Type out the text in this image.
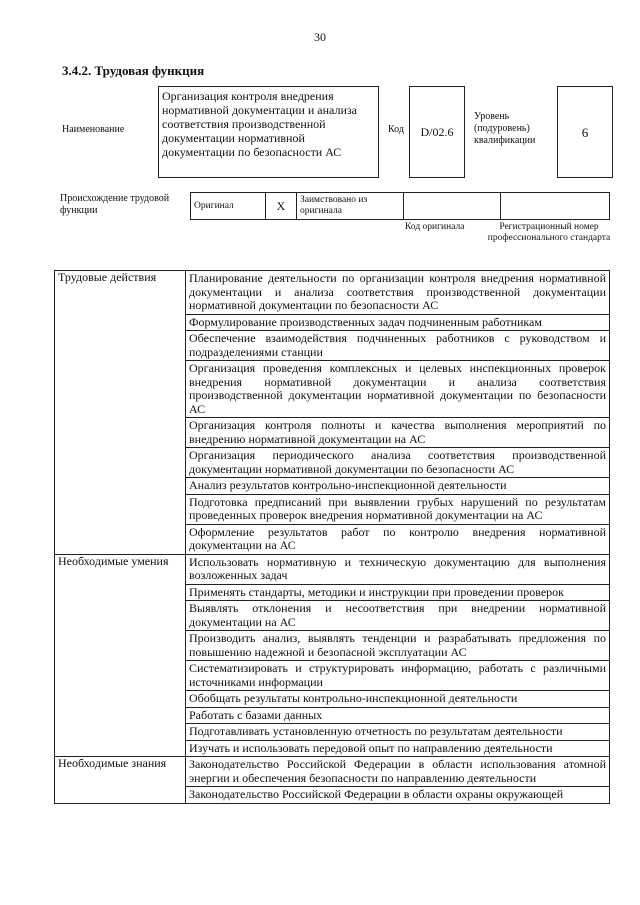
30
3.4.2. Трудовая функция
Наименование
Организация контроля внедрения нормативной документации и анализа соответствия производственной документации нормативной документации по безопасности АС
Код	D/02.6
Уровень (подуровень) квалификации
6
Происхождение трудовой функции	Оригинал	X	Заимствовано из оригинала		
Код оригинала	Регистрационный номер профессионального стандарта
Трудовые действия	Планирование деятельности по организации контроля внедрения нормативной документации и анализа соответствия производственной документации нормативной документации по безопасности АС
	Формулирование производственных задач подчиненным работникам
	Обеспечение взаимодействия подчиненных работников с руководством и подразделениями станции
	Организация проведения комплексных и целевых инспекционных проверок внедрения нормативной документации и анализа соответствия производственной документации нормативной документации по безопасности АС
	Организация контроля полноты и качества выполнения мероприятий по внедрению нормативной документации на АС
	Организация периодического анализа соответствия производственной документации нормативной документации по безопасности АС
	Анализ результатов контрольно-инспекционной деятельности
	Подготовка предписаний при выявлении грубых нарушений по результатам проведенных проверок внедрения нормативной документации на АС
	Оформление результатов работ по контролю внедрения нормативной документации на АС
Необходимые умения	Использовать нормативную и техническую документацию для выполнения возложенных задач
	Применять стандарты, методики и инструкции при проведении проверок
	Выявлять отклонения и несоответствия при внедрении нормативной документации на АС
	Производить анализ, выявлять тенденции и разрабатывать предложения по повышению надежной и безопасной эксплуатации АС
	Систематизировать и структурировать информацию, работать с различными источниками информации
	Обобщать результаты контрольно-инспекционной деятельности
	Работать с базами данных
	Подготавливать установленную отчетность по результатам деятельности
	Изучать и использовать передовой опыт по направлению деятельности
Необходимые знания	Законодательство Российской Федерации в области использования атомной энергии и обеспечения безопасности по направлению деятельности
	Законодательство Российской Федерации в области охраны окружающей
